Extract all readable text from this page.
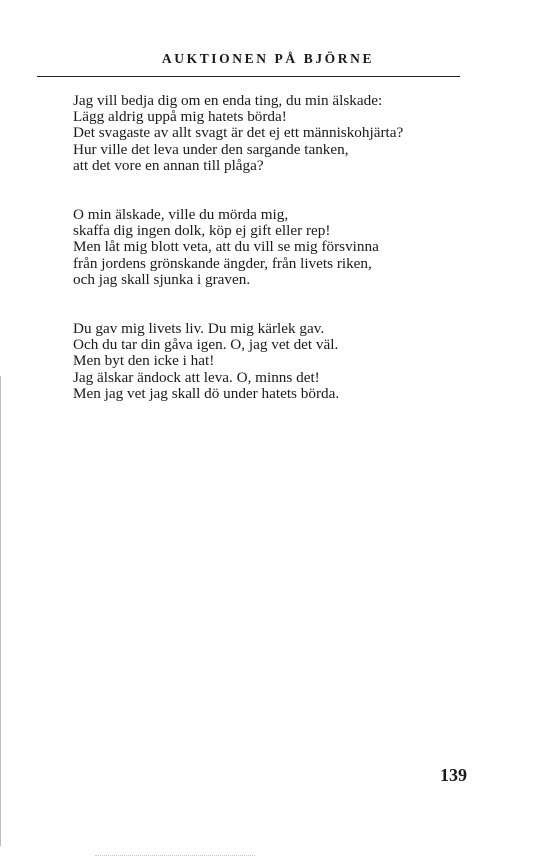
AUKTIONEN PÅ BJÖRNE
Jag vill bedja dig om en enda ting, du min älskade:
Lägg aldrig uppå mig hatets börda!
Det svagaste av allt svagt är det ej ett människohjärta?
Hur ville det leva under den sargande tanken,
att det vore en annan till plåga?
O min älskade, ville du mörda mig,
skaffa dig ingen dolk, köp ej gift eller rep!
Men låt mig blott veta, att du vill se mig försvinna
från jordens grönskande ängder, från livets riken,
och jag skall sjunka i graven.
Du gav mig livets liv. Du mig kärlek gav.
Och du tar din gåva igen. O, jag vet det väl.
Men byt den icke i hat!
Jag älskar ändock att leva. O, minns det!
Men jag vet jag skall dö under hatets börda.
139
